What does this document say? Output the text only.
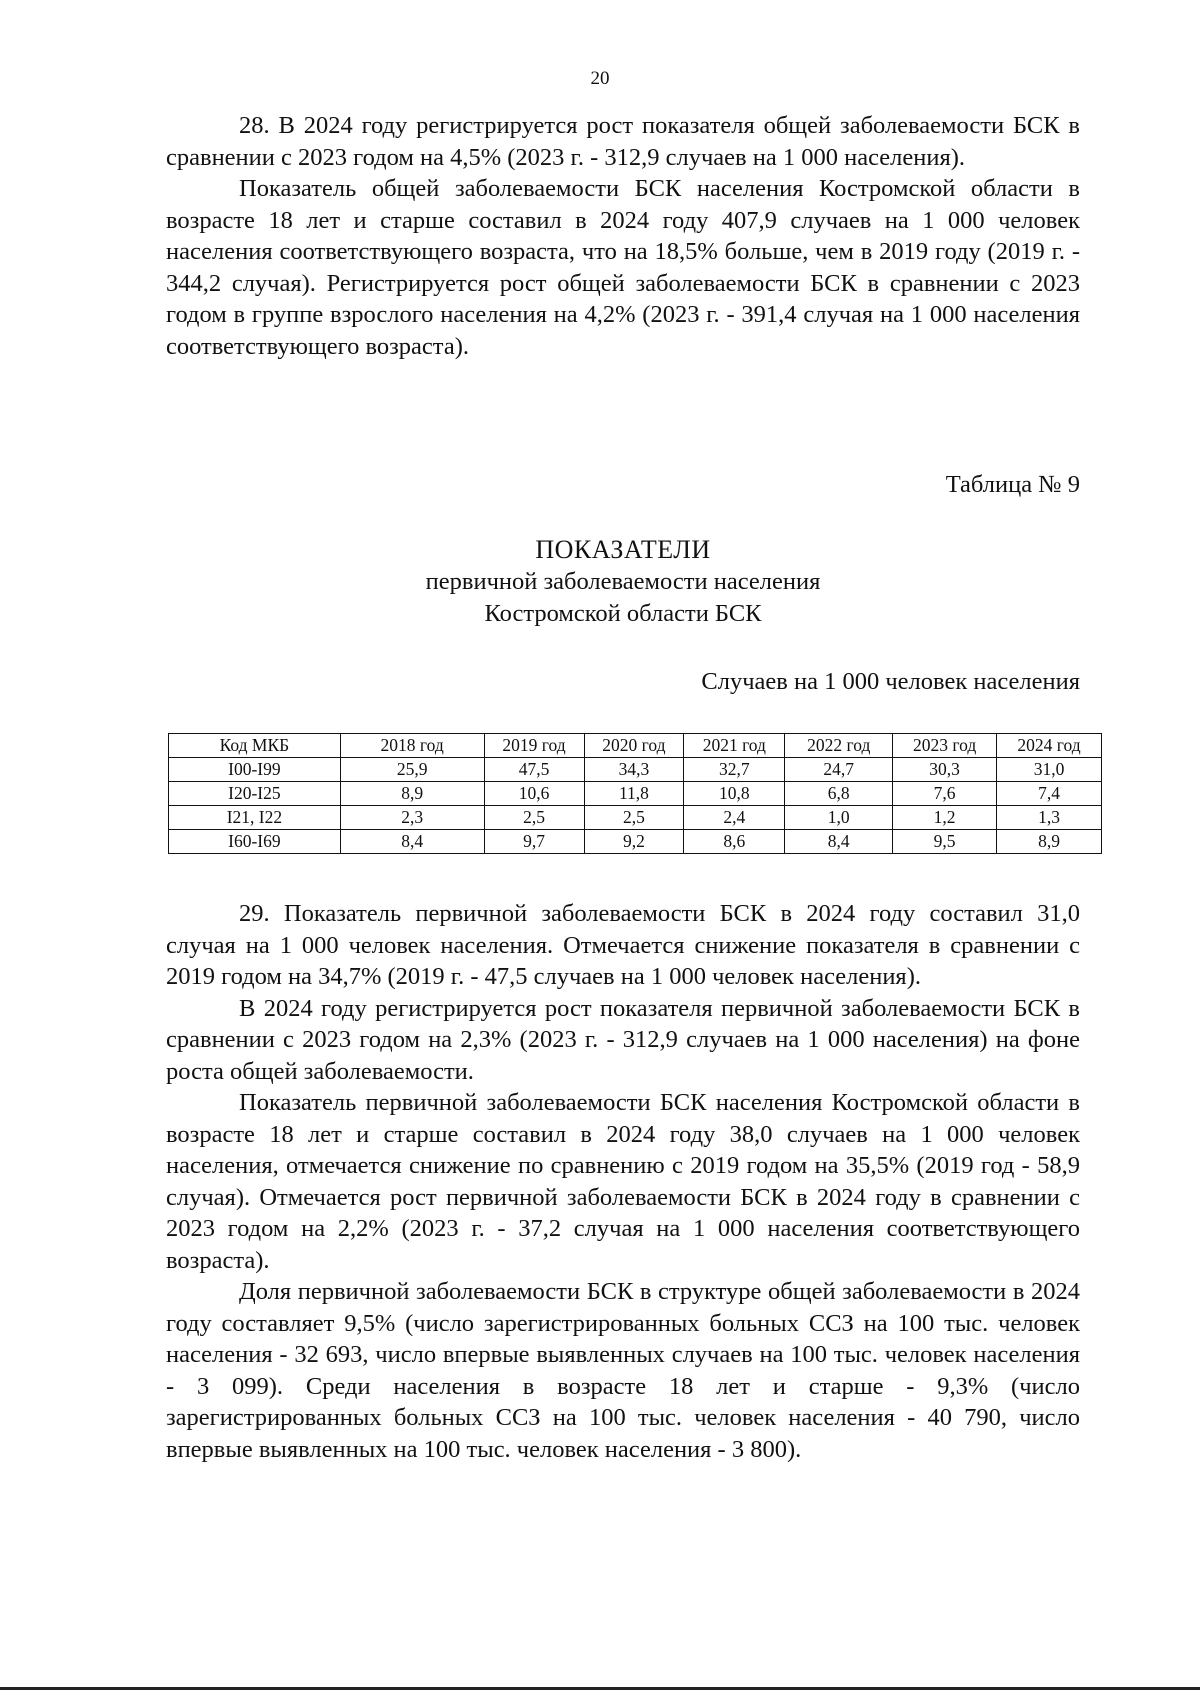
20

28. В 2024 году регистрируется рост показателя общей заболеваемости БСК в сравнении с 2023 годом на 4,5% (2023 г. - 312,9 случаев на 1 000 населения).

Показатель общей заболеваемости БСК населения Костромской области в возрасте 18 лет и старше составил в 2024 году 407,9 случаев на 1 000 человек населения соответствующего возраста, что на 18,5% больше, чем в 2019 году (2019 г. - 344,2 случая). Регистрируется рост общей заболеваемости БСК в сравнении с 2023 годом в группе взрослого населения на 4,2% (2023 г. - 391,4 случая на 1 000 населения соответствующего возраста).

Таблица № 9
ПОКАЗАТЕЛИ
первичной заболеваемости населения
Костромской области БСК
Случаев на 1 000 человек населения
Код МКБ	2018 год	2019 год	2020 год	2021 год	2022 год	2023 год	2024 год
I00-I99	25,9	47,5	34,3	32,7	24,7	30,3	31,0
I20-I25	8,9	10,6	11,8	10,8	6,8	7,6	7,4
I21, I22	2,3	2,5	2,5	2,4	1,0	1,2	1,3
I60-I69	8,4	9,7	9,2	8,6	8,4	9,5	8,9

29. Показатель первичной заболеваемости БСК в 2024 году составил 31,0 случая на 1 000 человек населения. Отмечается снижение показателя в сравнении с 2019 годом на 34,7% (2019 г. - 47,5 случаев на 1 000 человек населения).

В 2024 году регистрируется рост показателя первичной заболеваемости БСК в сравнении с 2023 годом на 2,3% (2023 г. - 312,9 случаев на 1 000 населения) на фоне роста общей заболеваемости.

Показатель первичной заболеваемости БСК населения Костромской области в возрасте 18 лет и старше составил в 2024 году 38,0 случаев на 1 000 человек населения, отмечается снижение по сравнению с 2019 годом на 35,5% (2019 год - 58,9 случая). Отмечается рост первичной заболеваемости БСК в 2024 году в сравнении с 2023 годом на 2,2% (2023 г. - 37,2 случая на 1 000 населения соответствующего возраста).

Доля первичной заболеваемости БСК в структуре общей заболеваемости в 2024 году составляет 9,5% (число зарегистрированных больных ССЗ на 100 тыс. человек населения - 32 693, число впервые выявленных случаев на 100 тыс. человек населения - 3 099). Среди населения в возрасте 18 лет и старше - 9,3% (число зарегистрированных больных ССЗ на 100 тыс. человек населения - 40 790, число впервые выявленных на 100 тыс. человек населения - 3 800).
